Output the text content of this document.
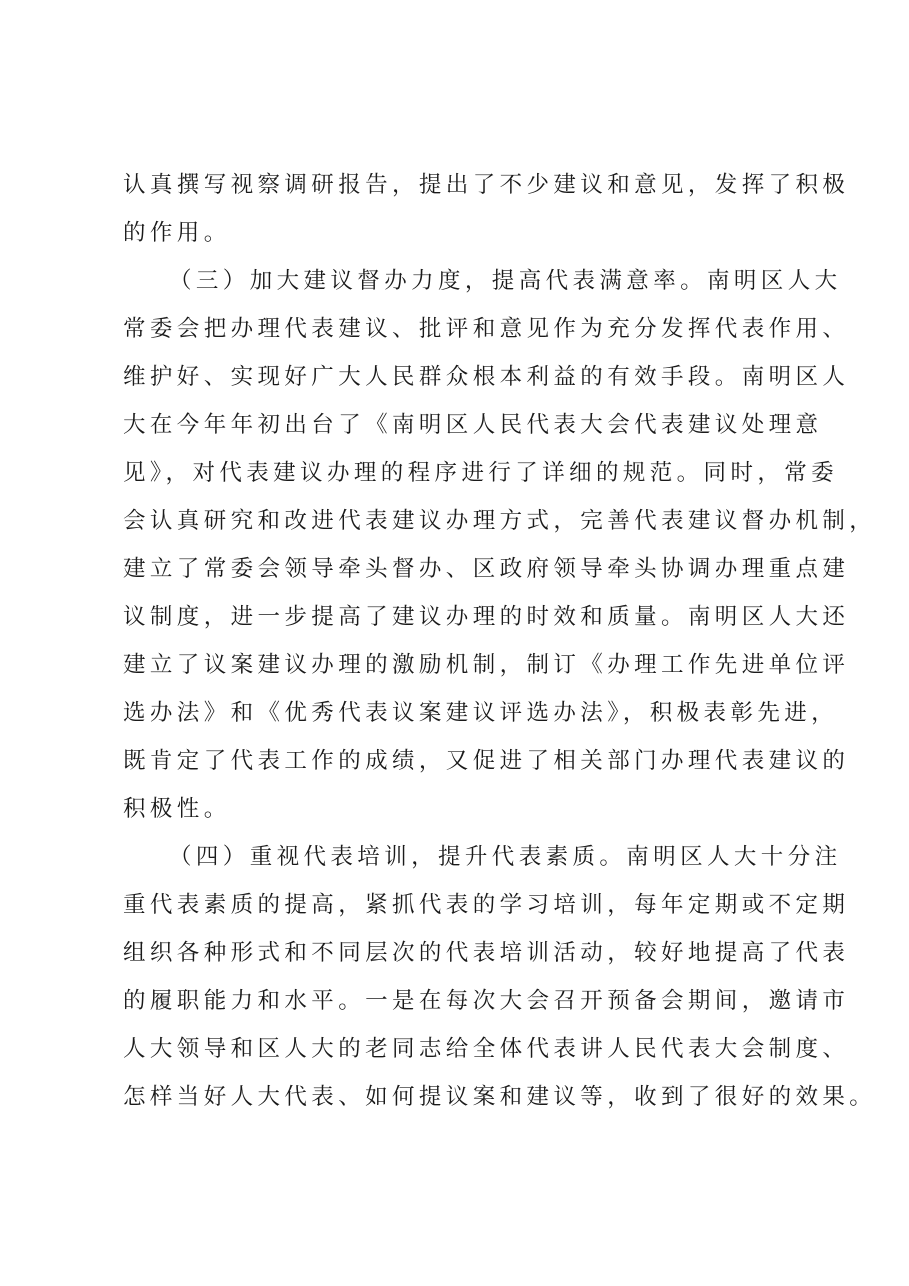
认真撰写视察调研报告，提出了不少建议和意见，发挥了积极
的作用。
（三）加大建议督办力度，提高代表满意率。南明区人大
常委会把办理代表建议、批评和意见作为充分发挥代表作用、
维护好、实现好广大人民群众根本利益的有效手段。南明区人
大在今年年初出台了《南明区人民代表大会代表建议处理意
见》，对代表建议办理的程序进行了详细的规范。同时，常委
会认真研究和改进代表建议办理方式，完善代表建议督办机制，
建立了常委会领导牵头督办、区政府领导牵头协调办理重点建
议制度，进一步提高了建议办理的时效和质量。南明区人大还
建立了议案建议办理的激励机制，制订《办理工作先进单位评
选办法》和《优秀代表议案建议评选办法》，积极表彰先进，
既肯定了代表工作的成绩，又促进了相关部门办理代表建议的
积极性。
（四）重视代表培训，提升代表素质。南明区人大十分注
重代表素质的提高，紧抓代表的学习培训，每年定期或不定期
组织各种形式和不同层次的代表培训活动，较好地提高了代表
的履职能力和水平。一是在每次大会召开预备会期间，邀请市
人大领导和区人大的老同志给全体代表讲人民代表大会制度、
怎样当好人大代表、如何提议案和建议等，收到了很好的效果。
